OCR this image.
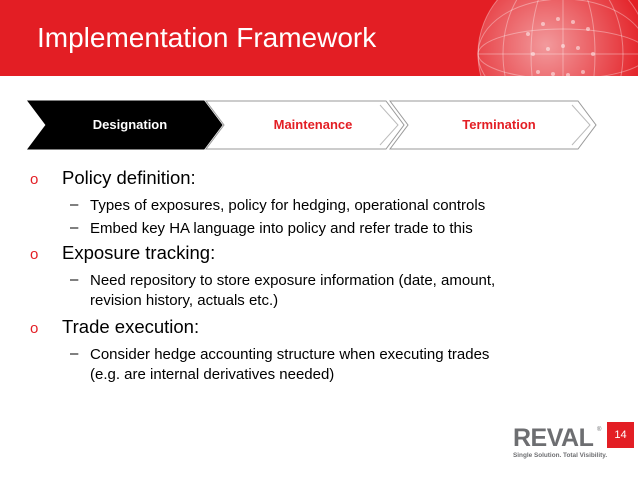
Implementation Framework
Designation	Maintenance	Termination
o	Policy definition:
– Types of exposures, policy for hedging, operational controls
– Embed key HA language into policy and refer trade to this
o	Exposure tracking:
– Need repository to store exposure information (date, amount,
revision history, actuals etc.)
o	Trade execution:
– Consider hedge accounting structure when executing trades
(e.g. are internal derivatives needed)
REVAL ®
Single Solution. Total Visibility.
14
